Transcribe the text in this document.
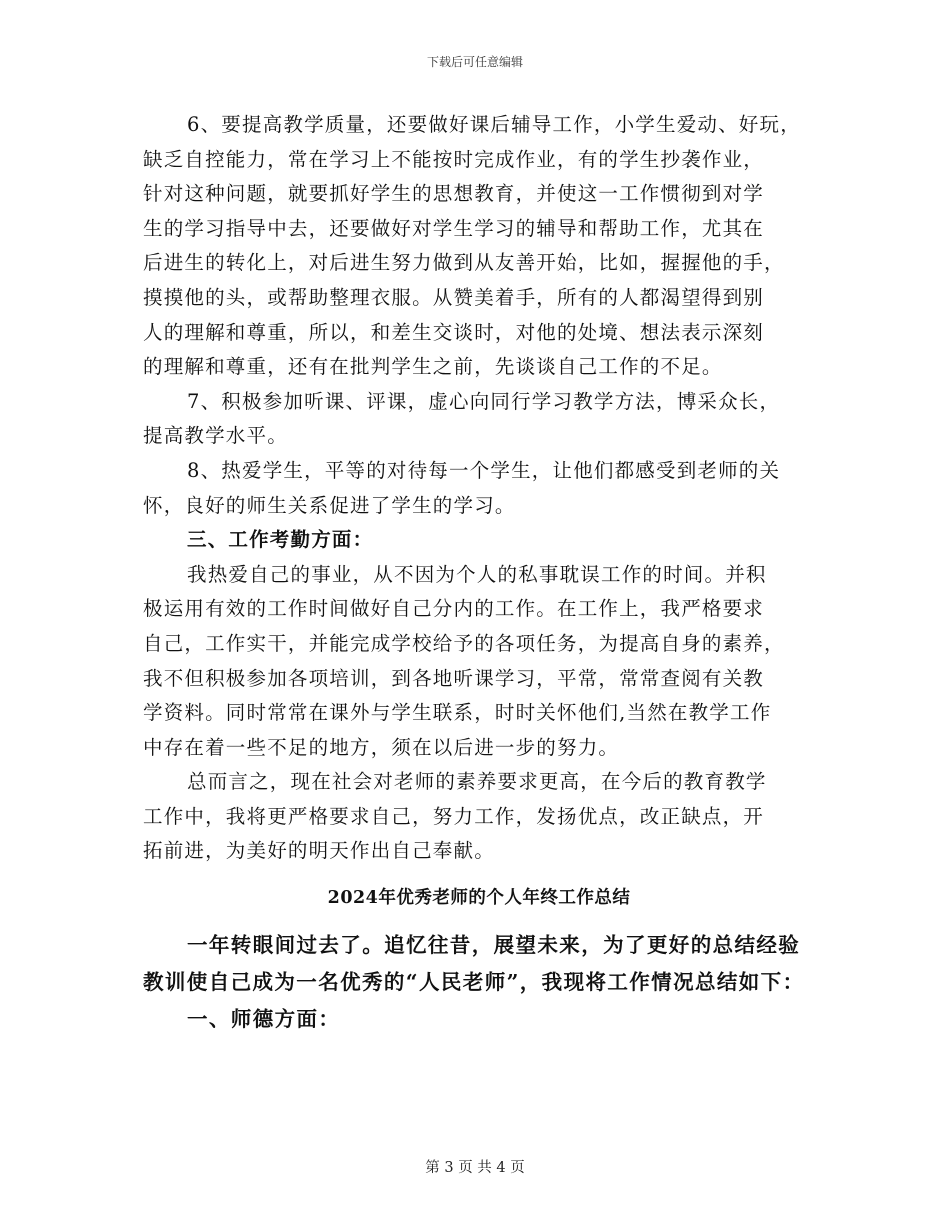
下载后可任意编辑
6、要提高教学质量，还要做好课后辅导工作，小学生爱动、好玩，
缺乏自控能力，常在学习上不能按时完成作业，有的学生抄袭作业，
针对这种问题，就要抓好学生的思想教育，并使这一工作惯彻到对学
生的学习指导中去，还要做好对学生学习的辅导和帮助工作，尤其在
后进生的转化上，对后进生努力做到从友善开始，比如，握握他的手，
摸摸他的头，或帮助整理衣服。从赞美着手，所有的人都渴望得到别
人的理解和尊重，所以，和差生交谈时，对他的处境、想法表示深刻
的理解和尊重，还有在批判学生之前，先谈谈自己工作的不足。
7、积极参加听课、评课，虚心向同行学习教学方法，博采众长，
提高教学水平。
8、热爱学生，平等的对待每一个学生，让他们都感受到老师的关
怀，良好的师生关系促进了学生的学习。
三、工作考勤方面：
我热爱自己的事业，从不因为个人的私事耽误工作的时间。并积
极运用有效的工作时间做好自己分内的工作。在工作上，我严格要求
自己，工作实干，并能完成学校给予的各项任务，为提高自身的素养，
我不但积极参加各项培训，到各地听课学习，平常，常常查阅有关教
学资料。同时常常在课外与学生联系，时时关怀他们,当然在教学工作
中存在着一些不足的地方，须在以后进一步的努力。
总而言之，现在社会对老师的素养要求更高，在今后的教育教学
工作中，我将更严格要求自己，努力工作，发扬优点，改正缺点，开
拓前进，为美好的明天作出自己奉献。
2024年优秀老师的个人年终工作总结
一年转眼间过去了。追忆往昔，展望未来，为了更好的总结经验
教训使自己成为一名优秀的“人民老师”，我现将工作情况总结如下：
一、师德方面：
第 3 页 共 4 页
